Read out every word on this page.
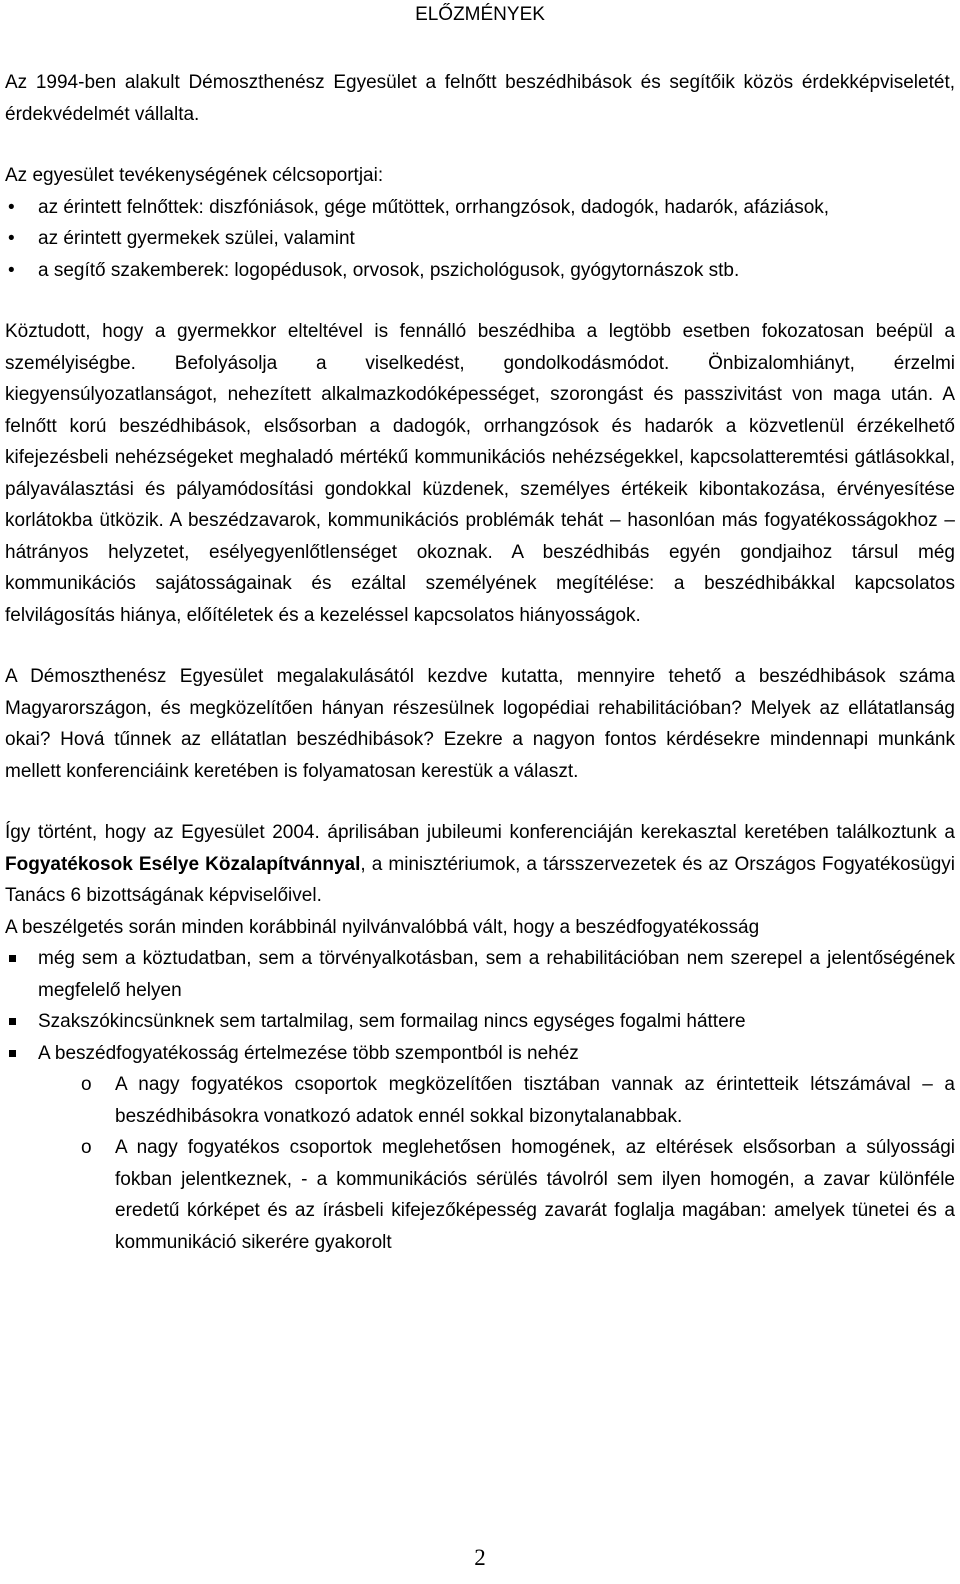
ELŐZMÉNYEK

Az 1994-ben alakult Démoszthenész Egyesület a felnőtt beszédhibások és segítőik közös érdekképviseletét, érdekvédelmét vállalta.

Az egyesület tevékenységének célcsoportjai:

• az érintett felnőttek: diszfóniások, gége műtöttek, orrhangzósok, dadogók, hadarók, afáziások,
• az érintett gyermekek szülei, valamint
• a segítő szakemberek: logopédusok, orvosok, pszichológusok, gyógytornászok stb.

Köztudott, hogy a gyermekkor elteltével is fennálló beszédhiba a legtöbb esetben fokozatosan beépül a személyiségbe. Befolyásolja a viselkedést, gondolkodásmódot. Önbizalomhiányt, érzelmi kiegyensúlyozatlanságot, nehezített alkalmazkodóképességet, szorongást és passzivitást von maga után. A felnőtt korú beszédhibások, elsősorban a dadogók, orrhangzósok és hadarók a közvetlenül érzékelhető kifejezésbeli nehézségeket meghaladó mértékű kommunikációs nehézségekkel, kapcsolatteremtési gátlásokkal, pályaválasztási és pályamódosítási gondokkal küzdenek, személyes értékeik kibontakozása, érvényesítése korlátokba ütközik. A beszédzavarok, kommunikációs problémák tehát – hasonlóan más fogyatékosságokhoz – hátrányos helyzetet, esélyegyenlőtlenséget okoznak. A beszédhibás egyén gondjaihoz társul még kommunikációs sajátosságainak és ezáltal személyének megítélése: a beszédhibákkal kapcsolatos felvilágosítás hiánya, előítéletek és a kezeléssel kapcsolatos hiányosságok.

A Démoszthenész Egyesület megalakulásától kezdve kutatta, mennyire tehető a beszédhibások száma Magyarországon, és megközelítően hányan részesülnek logopédiai rehabilitációban? Melyek az ellátatlanság okai? Hová tűnnek az ellátatlan beszédhibások? Ezekre a nagyon fontos kérdésekre mindennapi munkánk mellett konferenciáink keretében is folyamatosan kerestük a választ.

Így történt, hogy az Egyesület 2004. áprilisában jubileumi konferenciáján kerekasztal keretében találkoztunk a Fogyatékosok Esélye Közalapítvánnyal, a minisztériumok, a társszervezetek és az Országos Fogyatékosügyi Tanács 6 bizottságának képviselőivel.

A beszélgetés során minden korábbinál nyilvánvalóbbá vált, hogy a beszédfogyatékosság

még sem a köztudatban, sem a törvényalkotásban, sem a rehabilitációban nem szerepel a jelentőségének megfelelő helyen
Szakszókincsünknek sem tartalmilag, sem formailag nincs egységes fogalmi háttere
A beszédfogyatékosság értelmezése több szempontból is nehéz
o A nagy fogyatékos csoportok megközelítően tisztában vannak az érintetteik létszámával – a beszédhibásokra vonatkozó adatok ennél sokkal bizonytalanabbak.
o A nagy fogyatékos csoportok meglehetősen homogének, az eltérések elsősorban a súlyossági fokban jelentkeznek, - a kommunikációs sérülés távolról sem ilyen homogén, a zavar különféle eredetű kórképet és az írásbeli kifejezőképesség zavarát foglalja magában: amelyek tünetei és a kommunikáció sikerére gyakorolt
2
